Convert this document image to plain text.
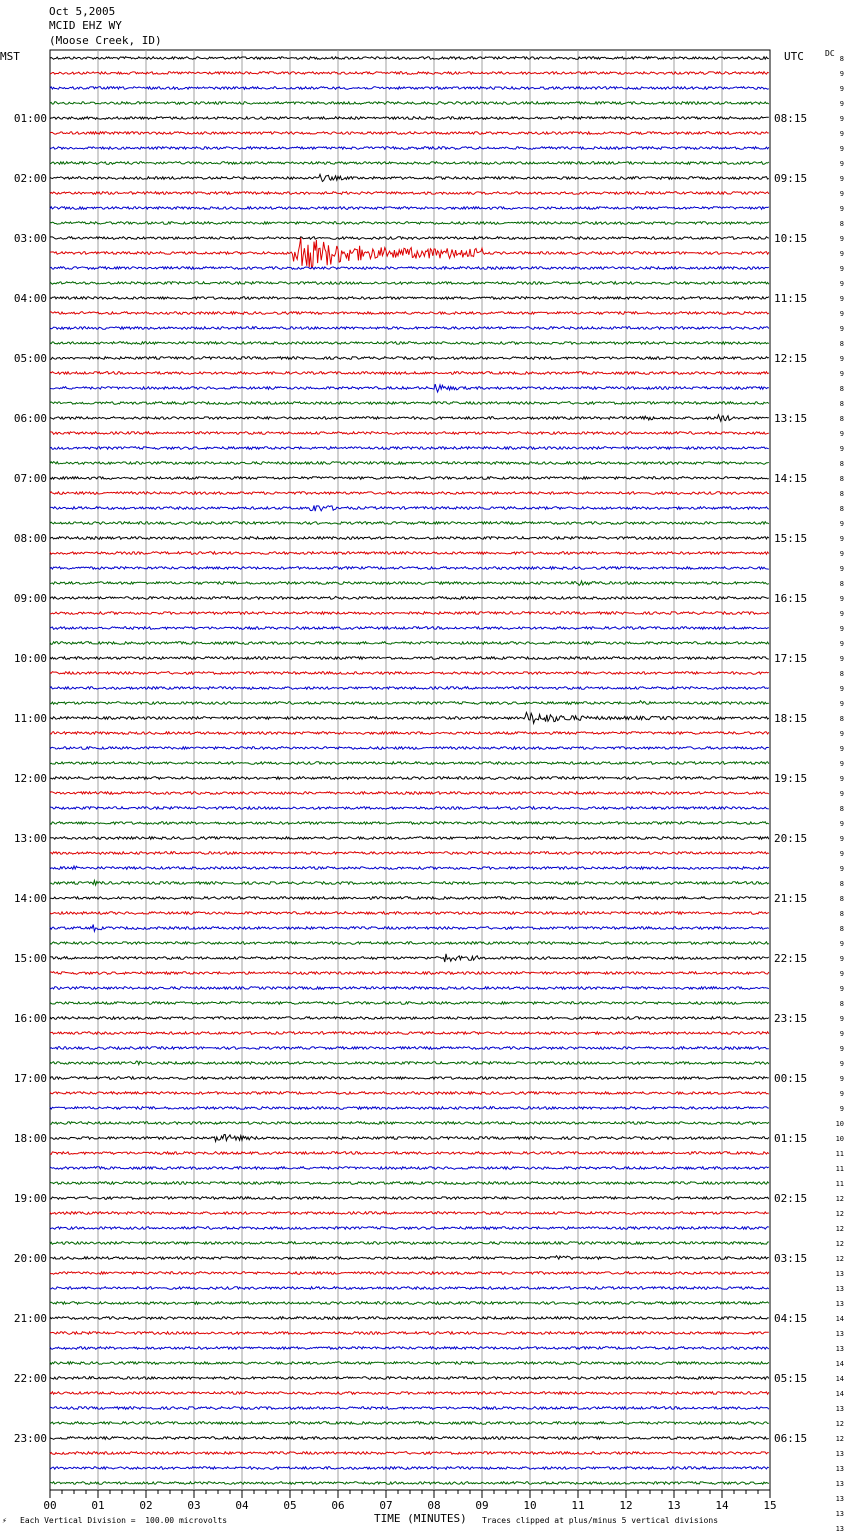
Oct 5,2005
MCID EHZ WY
(Moose Creek, ID)
MST	UTC	DC
01:00
02:00
03:00
04:00
05:00
06:00
07:00
08:00
09:00
10:00
11:00
12:00
13:00
14:00
15:00
16:00
17:00
18:00
19:00
20:00
21:00
22:00
23:00
08:15
09:15
10:15
11:15
12:15
13:15
14:15
15:15
16:15
17:15
18:15
19:15
20:15
21:15
22:15
23:15
00:15
01:15
02:15
03:15
04:15
05:15
06:15
8
9
9
9
9
9
9
9
9
9
9
8
9
9
9
9
9
9
9
8
9
9
8
8
8
9
9
8
8
8
8
9
9
9
9
8
9
9
9
9
9
8
9
9
8
9
9
9
9
9
8
9
9
9
9
8
8
8
8
9
9
9
9
8
9
9
9
9
9
9
9
10
10
11
11
11
12
12
12
12
12
13
13
13
14
13
13
14
14
14
13
12
12
13
13
13
13
13
13
00	01	02	03	04	05	06	07	08	09	10	11	12	13	14	15
⚡ Each Vertical Division =  100.00 microvolts	TIME (MINUTES) Traces clipped at plus/minus 5 vertical divisions
